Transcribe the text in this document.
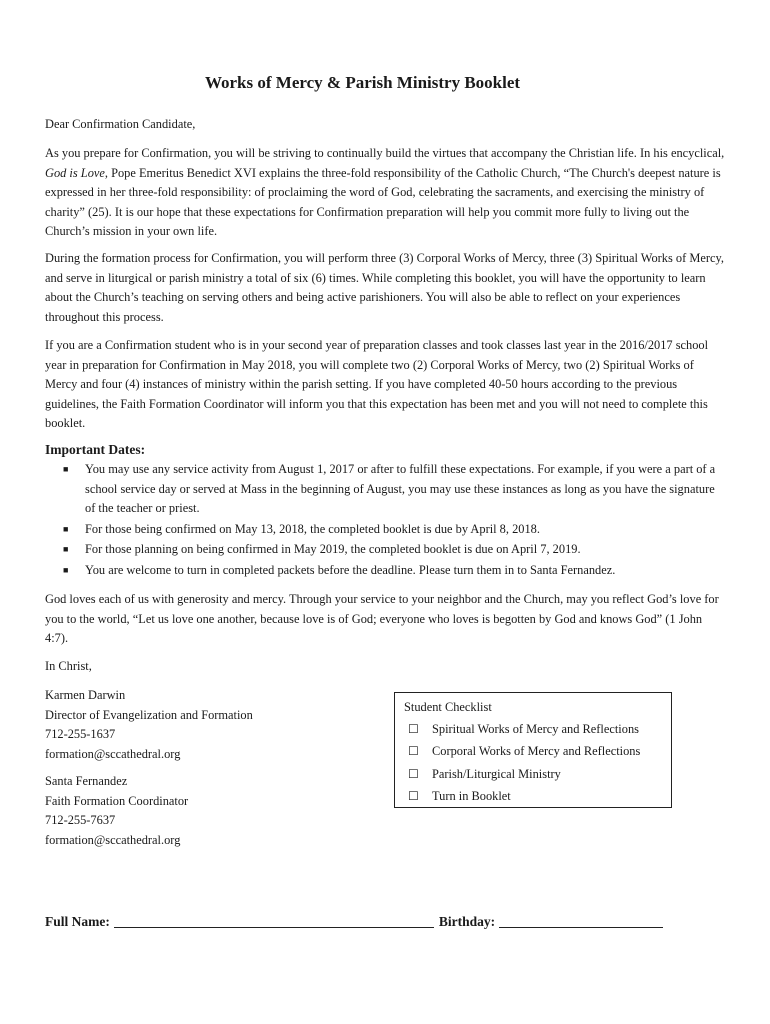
Works of Mercy & Parish Ministry Booklet
Dear Confirmation Candidate,
As you prepare for Confirmation, you will be striving to continually build the virtues that accompany the Christian life. In his encyclical, God is Love, Pope Emeritus Benedict XVI explains the three-fold responsibility of the Catholic Church, “The Church's deepest nature is expressed in her three-fold responsibility: of proclaiming the word of God, celebrating the sacraments, and exercising the ministry of charity” (25). It is our hope that these expectations for Confirmation preparation will help you commit more fully to living out the Church’s mission in your own life.
During the formation process for Confirmation, you will perform three (3) Corporal Works of Mercy, three (3) Spiritual Works of Mercy, and serve in liturgical or parish ministry a total of six (6) times. While completing this booklet, you will have the opportunity to learn about the Church’s teaching on serving others and being active parishioners. You will also be able to reflect on your experiences throughout this process.
If you are a Confirmation student who is in your second year of preparation classes and took classes last year in the 2016/2017 school year in preparation for Confirmation in May 2018, you will complete two (2) Corporal Works of Mercy, two (2) Spiritual Works of Mercy and four (4) instances of ministry within the parish setting. If you have completed 40-50 hours according to the previous guidelines, the Faith Formation Coordinator will inform you that this expectation has been met and you will not need to complete this booklet.
Important Dates:
■ You may use any service activity from August 1, 2017 or after to fulfill these expectations. For example, if you were a part of a school service day or served at Mass in the beginning of August, you may use these instances as long as you have the signature of the teacher or priest.
■ For those being confirmed on May 13, 2018, the completed booklet is due by April 8, 2018.
■ For those planning on being confirmed in May 2019, the completed booklet is due on April 7, 2019.
■ You are welcome to turn in completed packets before the deadline. Please turn them in to Santa Fernandez.
God loves each of us with generosity and mercy. Through your service to your neighbor and the Church, may you reflect God’s love for you to the world, “Let us love one another, because love is of God; everyone who loves is begotten by God and knows God” (1 John 4:7).
In Christ,
Karmen Darwin
Director of Evangelization and Formation
712-255-1637
formation@sccathedral.org
Santa Fernandez
Faith Formation Coordinator
712-255-7637
formation@sccathedral.org
Student Checklist
☐ Spiritual Works of Mercy and Reflections
☐ Corporal Works of Mercy and Reflections
☐ Parish/Liturgical Ministry
☐ Turn in Booklet
Full Name:	Birthday:
